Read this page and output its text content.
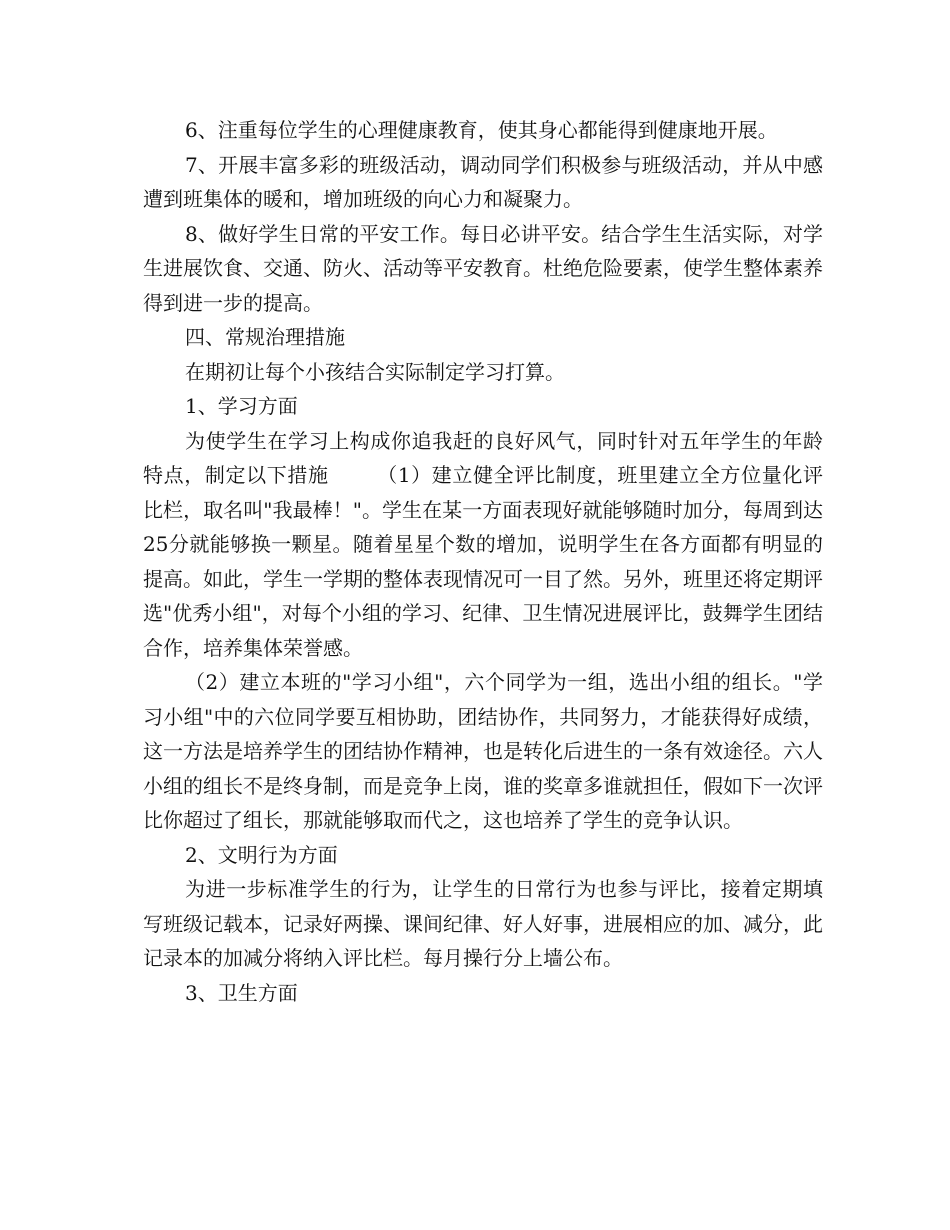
6、注重每位学生的心理健康教育，使其身心都能得到健康地开展。

7、开展丰富多彩的班级活动，调动同学们积极参与班级活动，并从中感遭到班集体的暖和，增加班级的向心力和凝聚力。

8、做好学生日常的平安工作。每日必讲平安。结合学生生活实际，对学生进展饮食、交通、防火、活动等平安教育。杜绝危险要素，使学生整体素养得到进一步的提高。

四、常规治理措施

在期初让每个小孩结合实际制定学习打算。

1、学习方面

为使学生在学习上构成你追我赶的良好风气，同时针对五年学生的年龄特点，制定以下措施 （1）建立健全评比制度，班里建立全方位量化评比栏，取名叫"我最棒！"。学生在某一方面表现好就能够随时加分，每周到达25分就能够换一颗星。随着星星个数的增加，说明学生在各方面都有明显的提高。如此，学生一学期的整体表现情况可一目了然。另外，班里还将定期评选"优秀小组"，对每个小组的学习、纪律、卫生情况进展评比，鼓舞学生团结合作，培养集体荣誉感。

（2）建立本班的"学习小组"，六个同学为一组，选出小组的组长。"学习小组"中的六位同学要互相协助，团结协作，共同努力，才能获得好成绩，这一方法是培养学生的团结协作精神，也是转化后进生的一条有效途径。六人小组的组长不是终身制，而是竞争上岗，谁的奖章多谁就担任，假如下一次评比你超过了组长，那就能够取而代之，这也培养了学生的竞争认识。

2、文明行为方面

为进一步标准学生的行为，让学生的日常行为也参与评比，接着定期填写班级记载本，记录好两操、课间纪律、好人好事，进展相应的加、减分，此记录本的加减分将纳入评比栏。每月操行分上墙公布。

3、卫生方面
